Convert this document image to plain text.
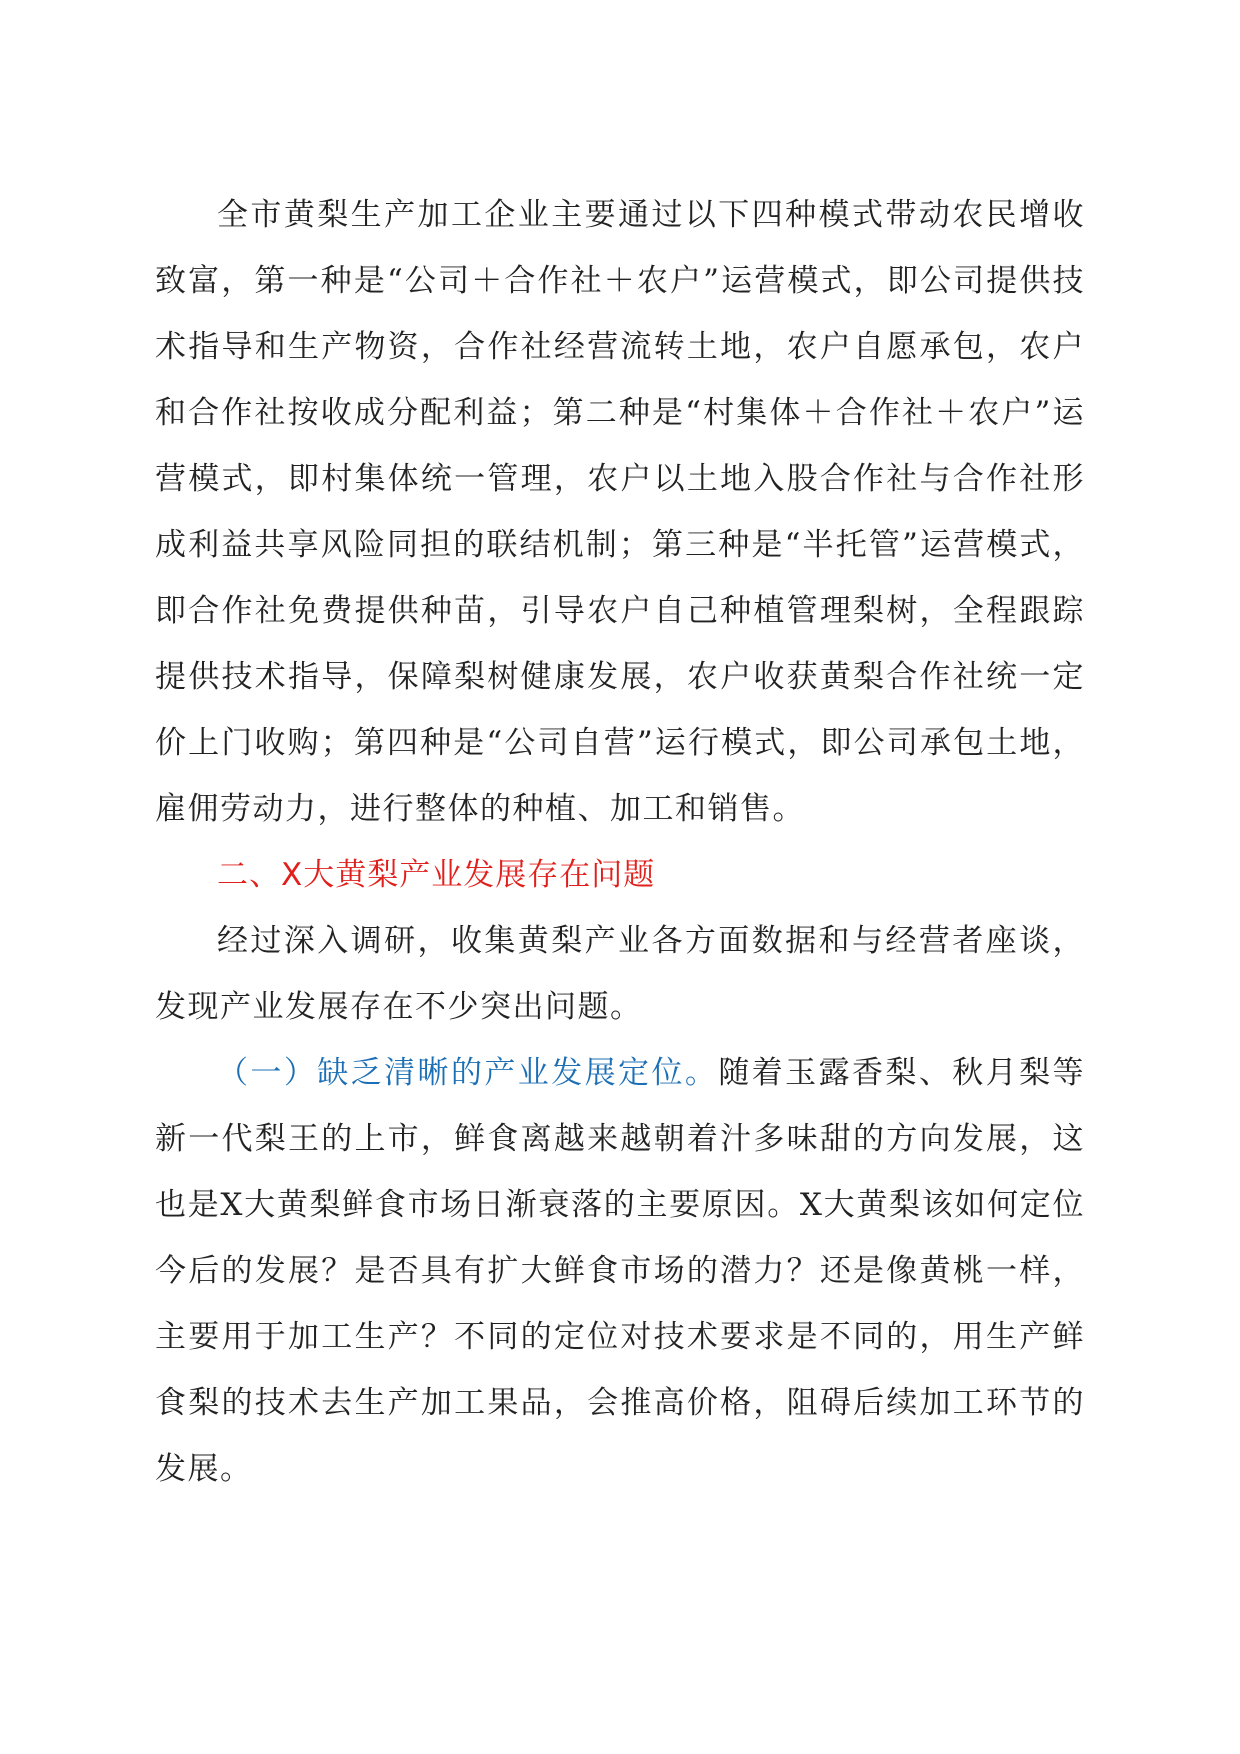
全市黄梨生产加工企业主要通过以下四种模式带动农民增收致富，第一种是“公司＋合作社＋农户”运营模式，即公司提供技术指导和生产物资，合作社经营流转土地，农户自愿承包，农户和合作社按收成分配利益；第二种是“村集体＋合作社＋农户”运营模式，即村集体统一管理，农户以土地入股合作社与合作社形成利益共享风险同担的联结机制；第三种是“半托管”运营模式，即合作社免费提供种苗，引导农户自己种植管理梨树，全程跟踪提供技术指导，保障梨树健康发展，农户收获黄梨合作社统一定价上门收购；第四种是“公司自营”运行模式，即公司承包土地，雇佣劳动力，进行整体的种植、加工和销售。

二、X大黄梨产业发展存在问题

经过深入调研，收集黄梨产业各方面数据和与经营者座谈，发现产业发展存在不少突出问题。

（一）缺乏清晰的产业发展定位。随着玉露香梨、秋月梨等新一代梨王的上市，鲜食离越来越朝着汁多味甜的方向发展，这也是X大黄梨鲜食市场日渐衰落的主要原因。X大黄梨该如何定位今后的发展？是否具有扩大鲜食市场的潜力？还是像黄桃一样，主要用于加工生产？不同的定位对技术要求是不同的，用生产鲜食梨的技术去生产加工果品，会推高价格，阻碍后续加工环节的发展。
